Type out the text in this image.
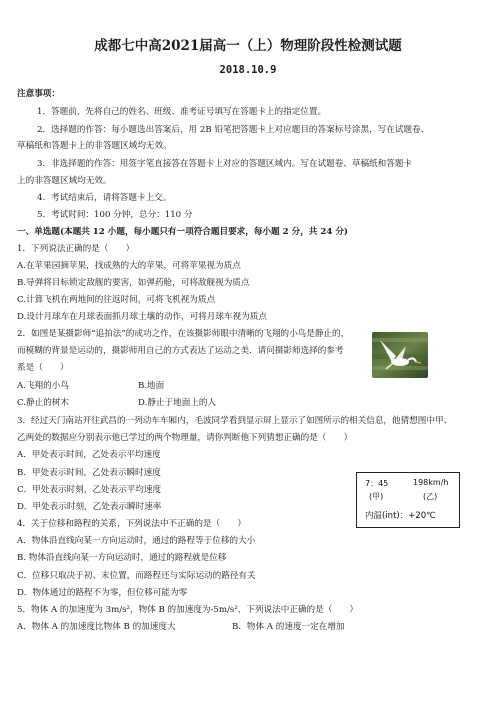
成都七中高2021届高一（上）物理阶段性检测试题
2018.10.9
注意事项：
1．答题前，先将自己的姓名、班级、准考证号填写在答题卡上的指定位置。
2．选择题的作答：每小题选出答案后，用 2B 铅笔把答题卡上对应题目的答案标号涂黑，写在试题卷、
草稿纸和答题卡上的非答题区域均无效。
3．非选择题的作答：用签字笔直接答在答题卡上对应的答题区域内。写在试题卷、草稿纸和答题卡
上的非答题区域均无效。
4．考试结束后，请将答题卡上交。
5．考试时间：100 分钟，总分：110 分
一、单选题(本题共 12 小题，每小题只有一项符合题目要求，每小题 2 分，共 24 分)
1．下列说法正确的是（　　）
A.在苹果园摘苹果，找成熟的大的苹果，可将苹果视为质点
B.导弹将目标锁定敌舰的要害，如弹药舱，可将敌舰视为质点
C.计算飞机在两地间的往返时间，可将飞机视为质点
D.设计月球车在月球表面抓月球土壤的动作，可将月球车视为质点
2．如图是某摄影师“追拍法”的成功之作，在该摄影师眼中清晰的飞翔的小鸟是静止的，
而模糊的背景是运动的，摄影师用自己的方式表达了运动之美．请问摄影师选择的参考
系是（　　）
A.飞翔的小鸟	B.地面
C.静止的树木	D.静止于地面上的人
3．经过天门南站开往武昌的一列动车车厢内，毛波同学看到显示屏上显示了如图所示的相关信息，他猜想图中甲、
乙两处的数据应分别表示他已学过的两个物理量，请你判断他下列猜想正确的是（　　）
A．甲处表示时间，乙处表示平均速度
B．甲处表示时间，乙处表示瞬时速度
C．甲处表示时刻，乙处表示平均速度
D．甲处表示时刻，乙处表示瞬时速率
7：45	198km/h
(甲)	(乙)
内温(int)：+20℃
4．关于位移和路程的关系，下列说法中不正确的是（　　）
A．物体沿直线向某一方向运动时，通过的路程等于位移的大小
B. 物体沿直线向某一方向运动时，通过的路程就是位移
C．位移只取决于初、末位置，而路程还与实际运动的路径有关
D．物体通过的路程不为零，但位移可能为零
5．物体 A 的加速度为 3m/s²，物体 B 的加速度为-5m/s²，下列说法中正确的是（　　）
A．物体 A 的加速度比物体 B 的加速度大	B．物体 A 的速度一定在增加
